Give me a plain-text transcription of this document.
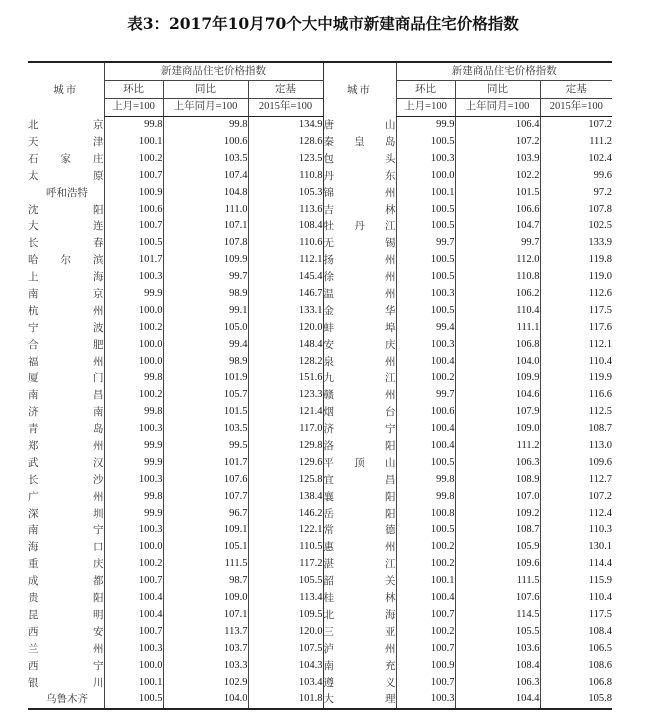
表3：2017年10月70个大中城市新建商品住宅价格指数
城市	新建商品住宅价格指数			城市	新建商品住宅价格指数		
	环比	同比	定基		环比	同比	定基
	上月=100	上年同月=100	2015年=100		上月=100	上年同月=100	2015年=100
北京	99.8	99.8	134.9	唐山	99.9	106.4	107.2
天津	100.1	100.6	128.6	秦皇岛	100.5	107.2	111.2
石家庄	100.2	103.5	123.5	包头	100.3	103.9	102.4
太原	100.7	107.4	110.8	丹东	100.0	102.2	99.6
呼和浩特	100.9	104.8	105.3	锦州	100.1	101.5	97.2
沈阳	100.6	111.0	113.6	吉林	100.5	106.6	107.8
大连	100.7	107.1	108.4	牡丹江	100.5	104.7	102.5
长春	100.5	107.8	110.6	无锡	99.7	99.7	133.9
哈尔滨	101.7	109.9	112.1	扬州	100.5	112.0	119.8
上海	100.3	99.7	145.4	徐州	100.5	110.8	119.0
南京	99.9	98.9	146.7	温州	100.3	106.2	112.6
杭州	100.0	99.1	133.1	金华	100.5	110.4	117.5
宁波	100.2	105.0	120.0	蚌埠	99.4	111.1	117.6
合肥	100.0	99.4	148.4	安庆	100.3	106.8	112.1
福州	100.0	98.9	128.2	泉州	100.4	104.0	110.4
厦门	99.8	101.9	151.6	九江	100.2	109.9	119.9
南昌	100.2	105.7	123.3	赣州	99.7	104.6	116.6
济南	99.8	101.5	121.4	烟台	100.6	107.9	112.5
青岛	100.3	103.5	117.0	济宁	100.4	109.0	108.7
郑州	99.9	99.5	129.8	洛阳	100.4	111.2	113.0
武汉	99.9	101.7	129.6	平顶山	100.5	106.3	109.6
长沙	100.3	107.6	125.8	宜昌	99.8	108.9	112.7
广州	99.8	107.7	138.4	襄阳	99.8	107.0	107.2
深圳	99.9	96.7	146.2	岳阳	100.8	109.2	112.4
南宁	100.3	109.1	122.1	常德	100.5	108.7	110.3
海口	100.0	105.1	110.5	惠州	100.2	105.9	130.1
重庆	100.2	111.5	117.2	湛江	100.2	109.6	114.4
成都	100.7	98.7	105.5	韶关	100.1	111.5	115.9
贵阳	100.4	109.0	113.4	桂林	100.4	107.6	110.4
昆明	100.4	107.1	109.5	北海	100.7	114.5	117.5
西安	100.7	113.7	120.0	三亚	100.2	105.5	108.4
兰州	100.3	103.7	107.5	泸州	100.7	103.6	106.5
西宁	100.0	103.3	104.3	南充	100.9	108.4	108.6
银川	100.1	102.9	103.4	遵义	100.7	106.3	106.8
乌鲁木齐	100.5	104.0	101.8	大理	100.3	104.4	105.8
